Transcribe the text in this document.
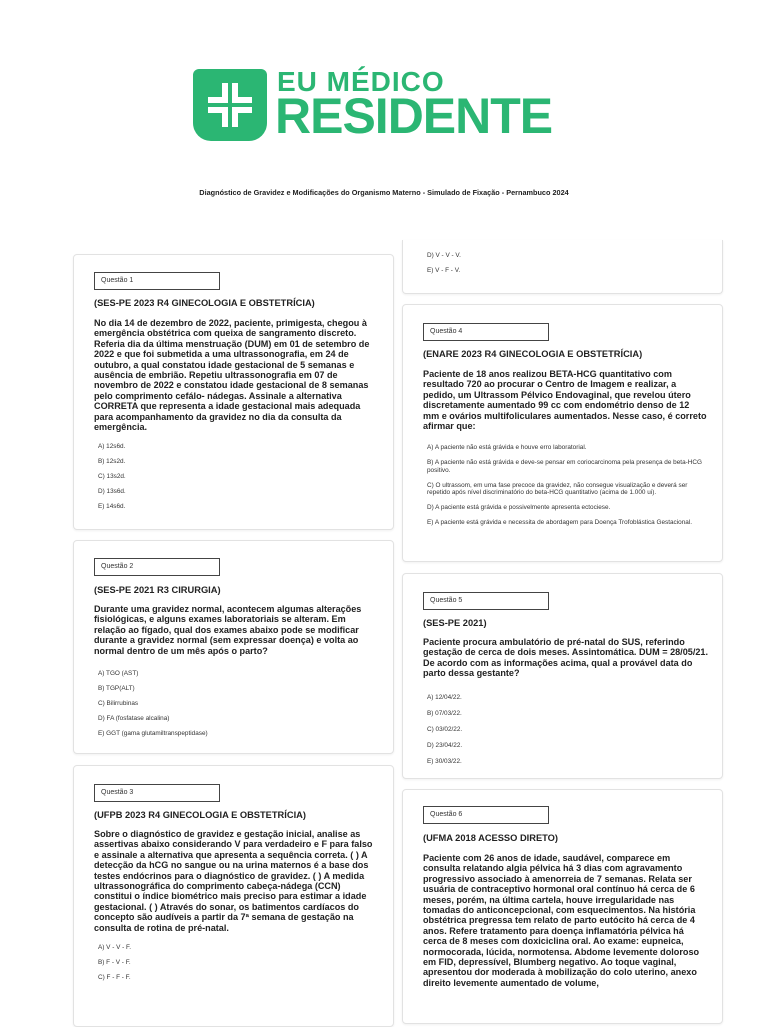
EU MÉDICO
RESIDENTE
Diagnóstico de Gravidez e Modificações do Organismo Materno - Simulado de Fixação - Pernambuco 2024
Questão 1
(SES-PE 2023 R4 GINECOLOGIA E OBSTETRÍCIA)

No dia 14 de dezembro de 2022, paciente, primigesta, chegou à emergência obstétrica com queixa de sangramento discreto. Referia dia da última menstruação (DUM) em 01 de setembro de 2022 e que foi submetida a uma ultrassonografia, em 24 de outubro, a qual constatou idade gestacional de 5 semanas e ausência de embrião. Repetiu ultrassonografia em 07 de novembro de 2022 e constatou idade gestacional de 8 semanas pelo comprimento cefálo- nádegas. Assinale a alternativa CORRETA que representa a idade gestacional mais adequada para acompanhamento da gravidez no dia da consulta da emergência.

A) 12s6d.
B) 12s2d.
C) 13s2d.
D) 13s6d.
E) 14s6d.
Questão 2
(SES-PE 2021 R3 CIRURGIA)

Durante uma gravidez normal, acontecem algumas alterações fisiológicas, e alguns exames laboratoriais se alteram. Em relação ao fígado, qual dos exames abaixo pode se modificar durante a gravidez normal (sem expressar doença) e volta ao normal dentro de um mês após o parto?

A) TGO (AST)
B) TGP(ALT)
C) Bilirrubinas
D) FA (fosfatase alcalina)
E) GGT (gama glutamiltranspeptidase)
Questão 3
(UFPB 2023 R4 GINECOLOGIA E OBSTETRÍCIA)

Sobre o diagnóstico de gravidez e gestação inicial, analise as assertivas abaixo considerando V para verdadeiro e F para falso e assinale a alternativa que apresenta a sequência correta. ( ) A detecção da hCG no sangue ou na urina maternos é a base dos testes endócrinos para o diagnóstico de gravidez. ( ) A medida ultrassonográfica do comprimento cabeça-nádega (CCN) constitui o índice biométrico mais preciso para estimar a idade gestacional. ( ) Através do sonar, os batimentos cardíacos do concepto são audíveis a partir da 7ª semana de gestação na consulta de rotina de pré-natal.

A) V - V - F.
B) F - V - F.
C) F - F - F.
D) V - V - V.
E) V - F - V.
Questão 4
(ENARE 2023 R4 GINECOLOGIA E OBSTETRÍCIA)

Paciente de 18 anos realizou BETA-HCG quantitativo com resultado 720 ao procurar o Centro de Imagem e realizar, a pedido, um Ultrassom Pélvico Endovaginal, que revelou útero discretamente aumentado 99 cc com endométrio denso de 12 mm e ovários multifoliculares aumentados. Nesse caso, é correto afirmar que:

A) A paciente não está grávida e houve erro laboratorial.
B) A paciente não está grávida e deve-se pensar em coriocarcinoma pela presença de beta-HCG positivo.
C) O ultrassom, em uma fase precoce da gravidez, não consegue visualização e deverá ser repetido após nível discriminatório do beta-HCG quantitativo (acima de 1.000 ui).
D) A paciente está grávida e possivelmente apresenta ectociese.
E) A paciente está grávida e necessita de abordagem para Doença Trofoblástica Gestacional.
Questão 5
(SES-PE 2021)

Paciente procura ambulatório de pré-natal do SUS, referindo gestação de cerca de dois meses. Assintomática. DUM = 28/05/21. De acordo com as informações acima, qual a provável data do parto dessa gestante?

A) 12/04/22.
B) 07/03/22.
C) 03/02/22.
D) 23/04/22.
E) 30/03/22.
Questão 6
(UFMA 2018 ACESSO DIRETO)

Paciente com 26 anos de idade, saudável, comparece em consulta relatando algia pélvica há 3 dias com agravamento progressivo associado à amenorreia de 7 semanas. Relata ser usuária de contraceptivo hormonal oral contínuo há cerca de 6 meses, porém, na última cartela, houve irregularidade nas tomadas do anticoncepcional, com esquecimentos. Na história obstétrica pregressa tem relato de parto eutócito há cerca de 4 anos. Refere tratamento para doença inflamatória pélvica há cerca de 8 meses com doxiciclina oral. Ao exame: eupneica, normocorada, lúcida, normotensa. Abdome levemente doloroso em FID, depressível, Blumberg negativo. Ao toque vaginal, apresentou dor moderada à mobilização do colo uterino, anexo direito levemente aumentado de volume,
